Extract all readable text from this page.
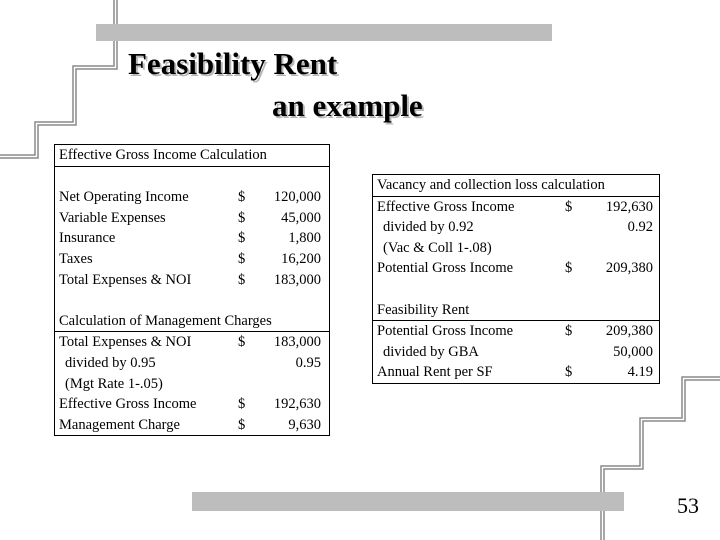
Feasibility Rent
an example
Effective Gross Income Calculation
Net Operating Income	$ 120,000
Variable Expenses	$ 45,000
Insurance	$	1,800
Taxes	$ 16,200
Total Expenses & NOI	$ 183,000
Calculation of Management Charges
Total Expenses & NOI	$ 183,000
divided by 0.95	0.95
(Mgt Rate 1-.05)
Effective Gross Income	$ 192,630
Management Charge	$	9,630
Vacancy and collection loss calculation
Effective Gross Income	$ 192,630
divided by 0.92	0.92
(Vac & Coll 1-.08)
Potential Gross Income	$ 209,380
Feasibility Rent
Potential Gross Income	$ 209,380
divided by GBA	50,000
Annual Rent per SF	$	4.19
53
